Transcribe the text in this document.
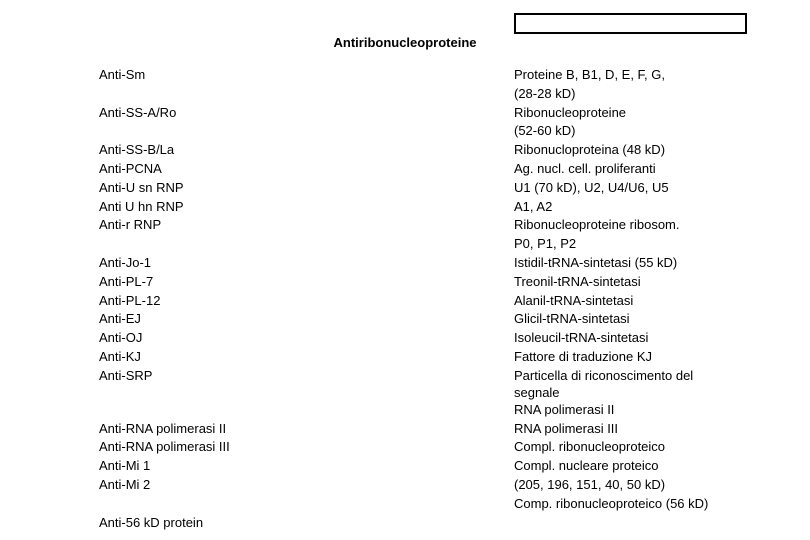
Antiribonucleoproteine
Anti-Sm
Anti-SS-A/Ro
Anti-SS-B/La
Anti-PCNA
Anti-U sn RNP
Anti U hn RNP
Anti-r RNP
Anti-Jo-1
Anti-PL-7
Anti-PL-12
Anti-EJ
Anti-OJ
Anti-KJ
Anti-SRP
Anti-RNA polimerasi II
Anti-RNA polimerasi III
Anti-Mi 1
Anti-Mi 2
Anti-56 kD protein
Proteine B, B1, D, E, F, G,
(28-28 kD)
Ribonucleoproteine
(52-60 kD)
Ribonucloproteina (48 kD)
Ag. nucl. cell. proliferanti
U1 (70 kD), U2, U4/U6, U5
A1, A2
Ribonucleoproteine ribosom.
P0, P1, P2
Istidil-tRNA-sintetasi (55 kD)
Treonil-tRNA-sintetasi
Alanil-tRNA-sintetasi
Glicil-tRNA-sintetasi
Isoleucil-tRNA-sintetasi
Fattore di traduzione KJ
Particella di riconoscimento del
segnale
RNA polimerasi II
RNA polimerasi III
Compl. ribonucleoproteico
Compl. nucleare proteico
(205, 196, 151, 40, 50 kD)
Comp. ribonucleoproteico (56 kD)
